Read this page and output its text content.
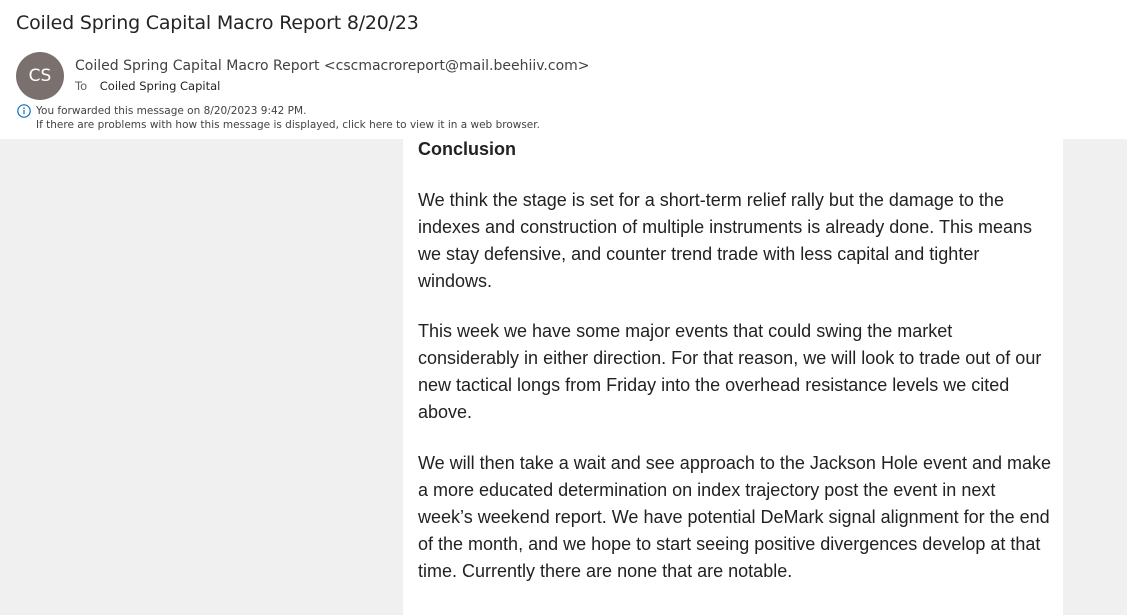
Coiled Spring Capital Macro Report 8/20/23
CS	Coiled Spring Capital Macro Report <cscmacroreport@mail.beehiiv.com>
To Coiled Spring Capital
You forwarded this message on 8/20/2023 9:42 PM.
If there are problems with how this message is displayed, click here to view it in a web browser.

Conclusion

We think the stage is set for a short-term relief rally but the damage to the indexes and construction of multiple instruments is already done. This means we stay defensive, and counter trend trade with less capital and tighter windows.

This week we have some major events that could swing the market considerably in either direction. For that reason, we will look to trade out of our new tactical longs from Friday into the overhead resistance levels we cited above.

We will then take a wait and see approach to the Jackson Hole event and make a more educated determination on index trajectory post the event in next week’s weekend report. We have potential DeMark signal alignment for the end of the month, and we hope to start seeing positive divergences develop at that time. Currently there are none that are notable.
